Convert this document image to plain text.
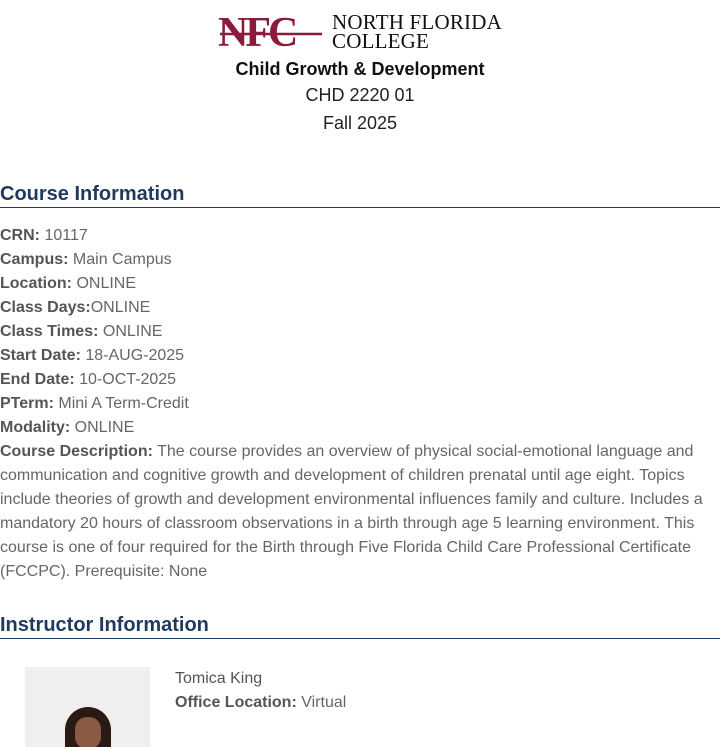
NFC NORTH FLORIDA
COLLEGE
Child Growth & Development
CHD 2220 01
Fall 2025
Course Information
CRN: 10117
Campus: Main Campus
Location: ONLINE
Class Days:ONLINE
Class Times: ONLINE
Start Date: 18-AUG-2025
End Date: 10-OCT-2025
PTerm: Mini A Term-Credit
Modality: ONLINE
Course Description: The course provides an overview of physical social-emotional language and communication and cognitive growth and development of children prenatal until age eight. Topics include theories of growth and development environmental influences family and culture. Includes a mandatory 20 hours of classroom observations in a birth through age 5 learning environment. This course is one of four required for the Birth through Five Florida Child Care Professional Certificate (FCCPC). Prerequisite: None
Instructor Information
Tomica King
Office Location: Virtual
